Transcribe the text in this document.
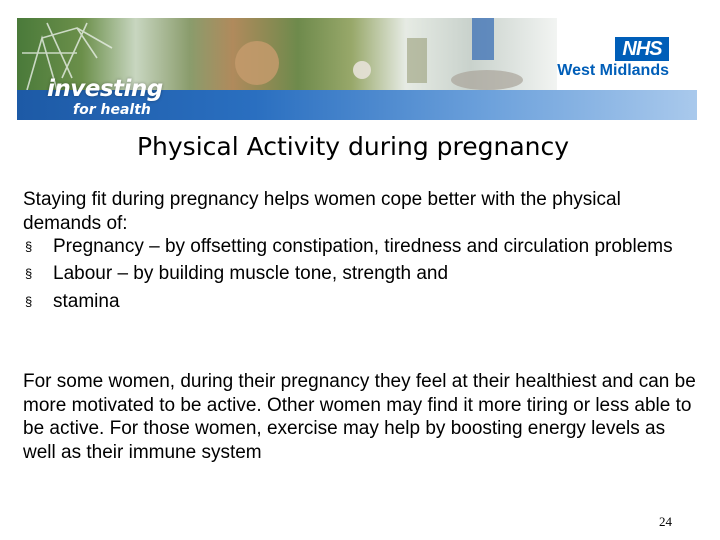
investing
for health
NHS
West Midlands
Physical Activity during pregnancy
Staying fit during pregnancy helps women cope better with the physical demands of:
§ Pregnancy – by offsetting constipation, tiredness and circulation problems
§ Labour – by building muscle tone, strength and
§ stamina
For some women, during their pregnancy they feel at their healthiest and can be more motivated to be active. Other women may find it more tiring or less able to be active. For those women, exercise may help by boosting energy levels as well as their immune system
24
